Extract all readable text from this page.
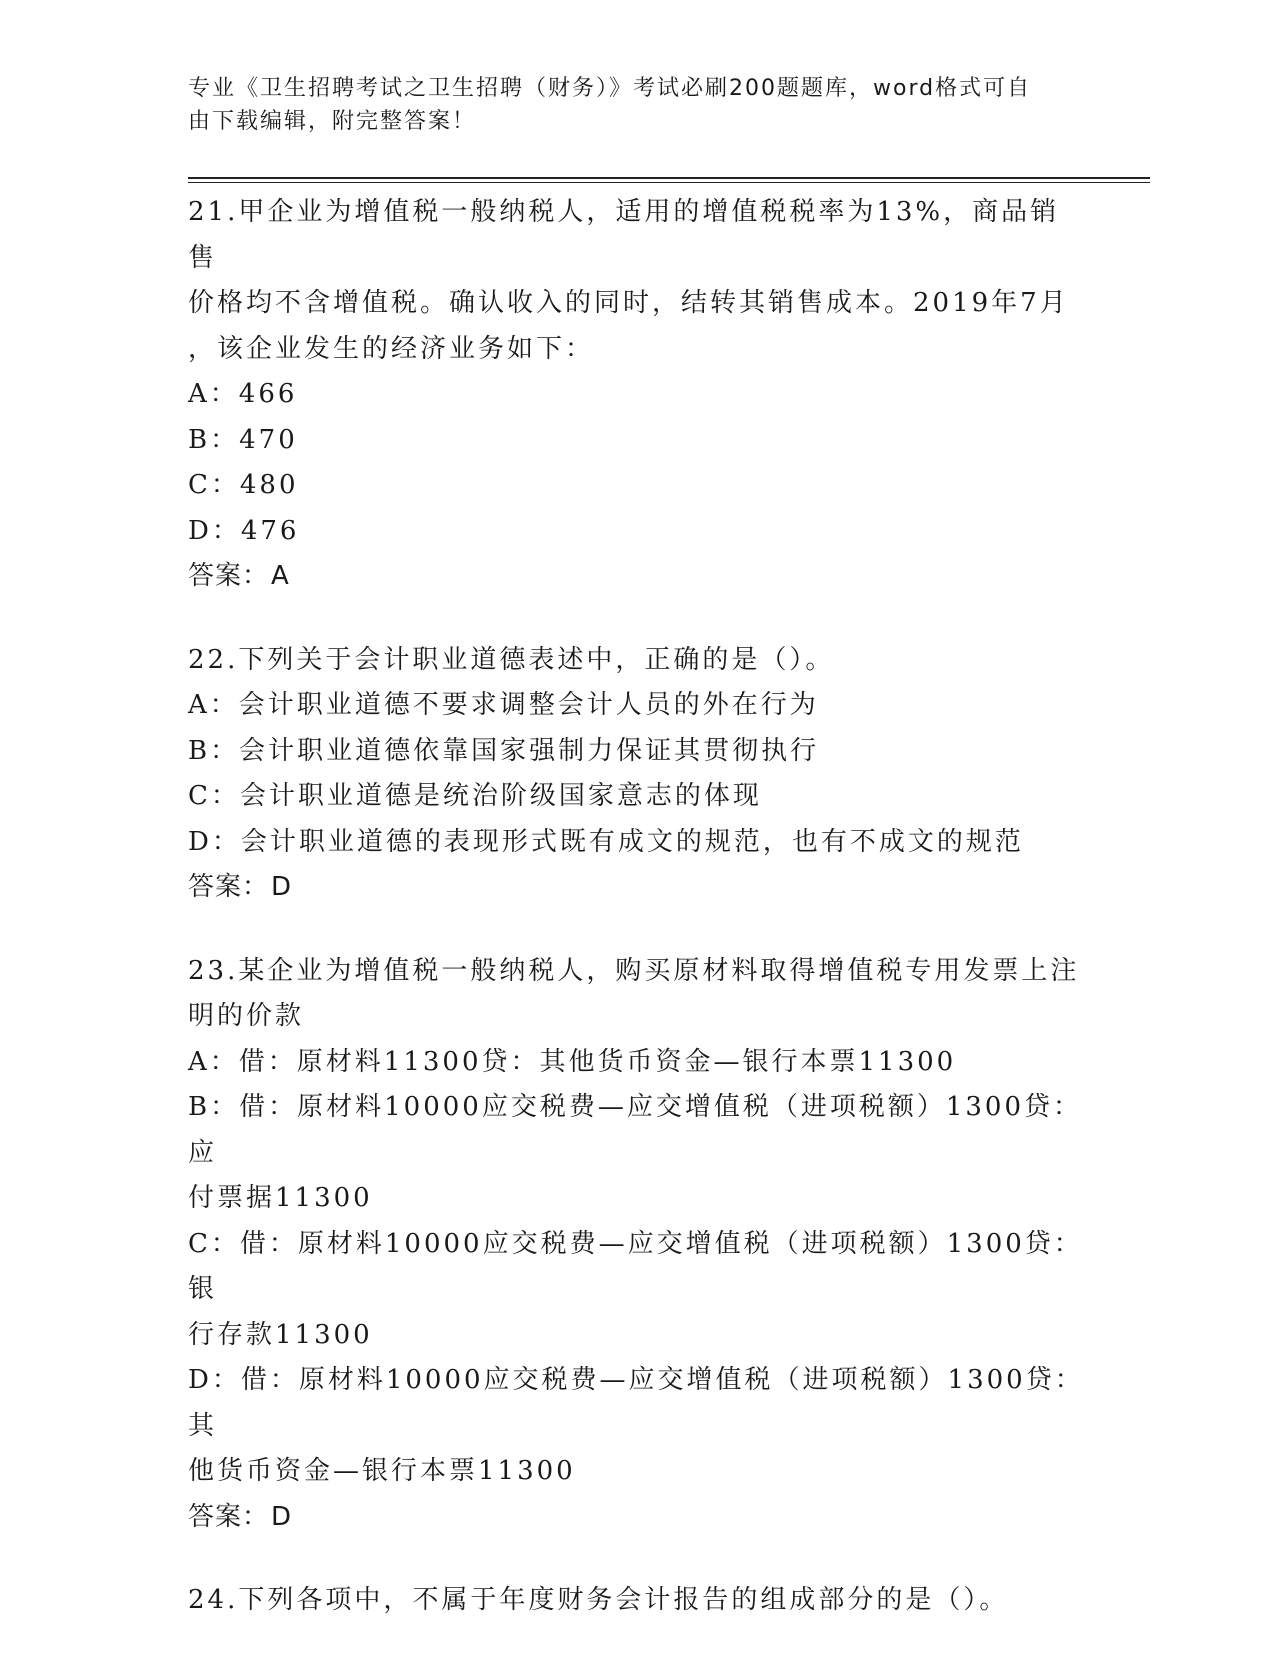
专业《卫生招聘考试之卫生招聘（财务）》考试必刷200题题库，word格式可自
由下载编辑，附完整答案！
21.甲企业为增值税一般纳税人，适用的增值税税率为13%，商品销售
价格均不含增值税。确认收入的同时，结转其销售成本。2019年7月
，该企业发生的经济业务如下：
A：466
B：470
C：480
D：476
答案：A
22.下列关于会计职业道德表述中，正确的是（）。
A：会计职业道德不要求调整会计人员的外在行为
B：会计职业道德依靠国家强制力保证其贯彻执行
C：会计职业道德是统治阶级国家意志的体现
D：会计职业道德的表现形式既有成文的规范，也有不成文的规范
答案：D
23.某企业为增值税一般纳税人，购买原材料取得增值税专用发票上注
明的价款
A：借：原材料11300贷：其他货币资金—银行本票11300
B：借：原材料10000应交税费—应交增值税（进项税额）1300贷：应
付票据11300
C：借：原材料10000应交税费—应交增值税（进项税额）1300贷：银
行存款11300
D：借：原材料10000应交税费—应交增值税（进项税额）1300贷：其
他货币资金—银行本票11300
答案：D
24.下列各项中，不属于年度财务会计报告的组成部分的是（）。
